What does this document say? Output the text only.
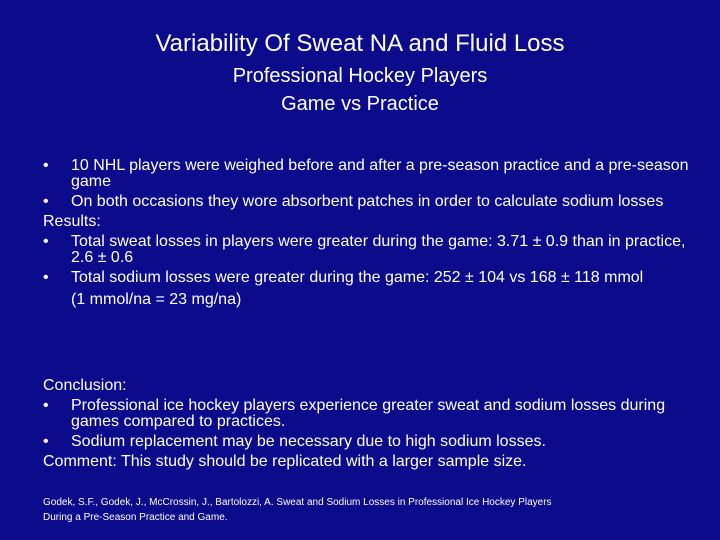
Variability Of Sweat NA and Fluid Loss
Professional Hockey Players
Game vs Practice
• 10 NHL players were weighed before and after a pre-season practice and a pre-season game
• On both occasions they wore absorbent patches in order to calculate sodium losses
Results:
• Total sweat losses in players were greater during the game: 3.71 ± 0.9 than in practice, 2.6 ± 0.6
• Total sodium losses were greater during the game: 252 ± 104 vs 168 ± 118 mmol
(1 mmol/na = 23 mg/na)
Conclusion:
• Professional ice hockey players experience greater sweat and sodium losses during games compared to practices.
• Sodium replacement may be necessary due to high sodium losses.
Comment: This study should be replicated with a larger sample size.
Godek, S.F., Godek, J., McCrossin, J., Bartolozzi, A. Sweat and Sodium Losses in Professional Ice Hockey Players
During a Pre-Season Practice and Game.
